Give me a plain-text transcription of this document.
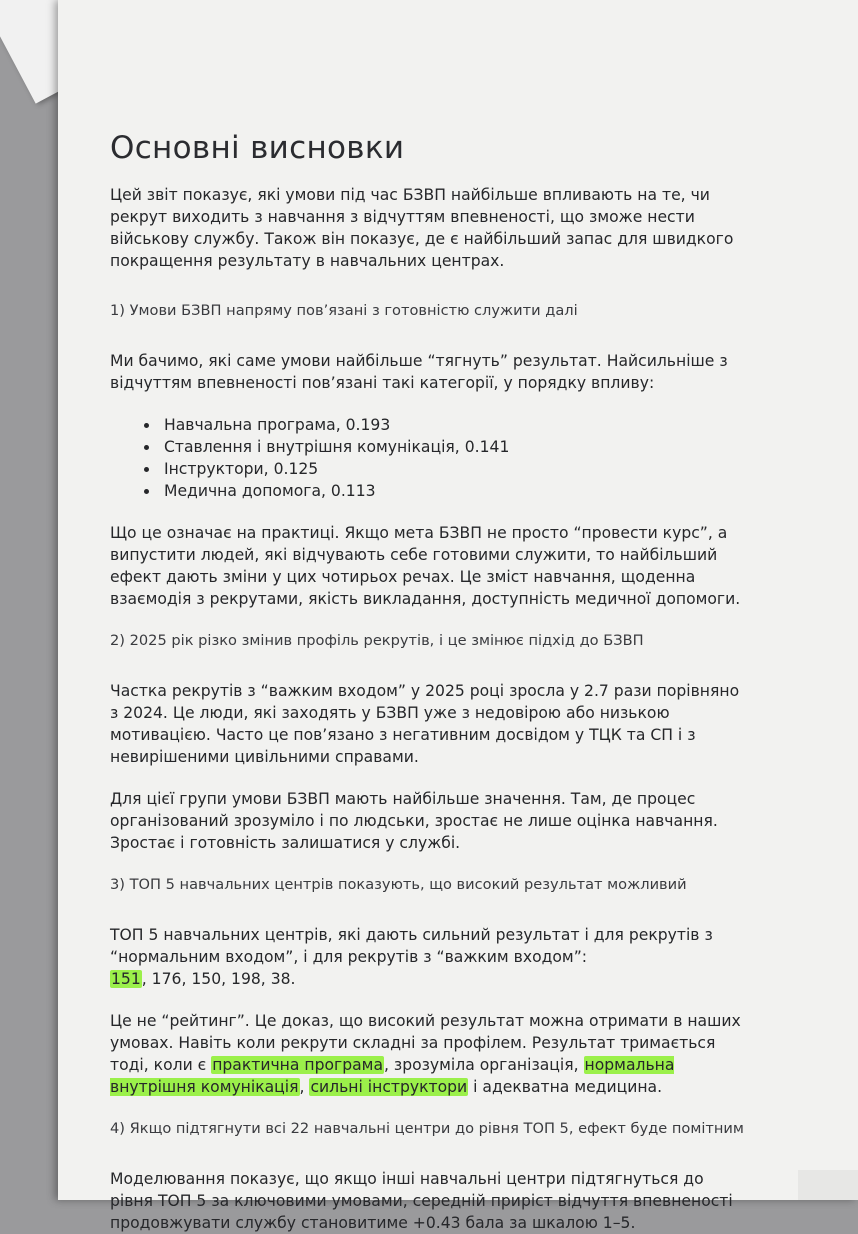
Основні висновки

Цей звіт показує, які умови під час БЗВП найбільше впливають на те, чи рекрут виходить з навчання з відчуттям впевненості, що зможе нести військову службу. Також він показує, де є найбільший запас для швидкого покращення результату в навчальних центрах.

1) Умови БЗВП напряму пов’язані з готовністю служити далі

Ми бачимо, які саме умови найбільше “тягнуть” результат. Найсильніше з відчуттям впевненості пов’язані такі категорії, у порядку впливу:

• Навчальна програма, 0.193
• Ставлення і внутрішня комунікація, 0.141
• Інструктори, 0.125
• Медична допомога, 0.113

Що це означає на практиці. Якщо мета БЗВП не просто “провести курс”, а випустити людей, які відчувають себе готовими служити, то найбільший ефект дають зміни у цих чотирьох речах. Це зміст навчання, щоденна взаємодія з рекрутами, якість викладання, доступність медичної допомоги.

2) 2025 рік різко змінив профіль рекрутів, і це змінює підхід до БЗВП

Частка рекрутів з “важким входом” у 2025 році зросла у 2.7 рази порівняно з 2024. Це люди, які заходять у БЗВП уже з недовірою або низькою мотивацією. Часто це пов’язано з негативним досвідом у ТЦК та СП і з невирішеними цивільними справами.

Для цієї групи умови БЗВП мають найбільше значення. Там, де процес організований зрозуміло і по людськи, зростає не лише оцінка навчання. Зростає і готовність залишатися у службі.

3) ТОП 5 навчальних центрів показують, що високий результат можливий

ТОП 5 навчальних центрів, які дають сильний результат і для рекрутів з “нормальним входом”, і для рекрутів з “важким входом”:
151, 176, 150, 198, 38.

Це не “рейтинг”. Це доказ, що високий результат можна отримати в наших умовах. Навіть коли рекрути складні за профілем. Результат тримається тоді, коли є практична програма, зрозуміла організація, нормальна внутрішня комунікація, сильні інструктори і адекватна медицина.

4) Якщо підтягнути всі 22 навчальні центри до рівня ТОП 5, ефект буде помітним

Моделювання показує, що якщо інші навчальні центри підтягнуться до рівня ТОП 5 за ключовими умовами, середній приріст відчуття впевненості продовжувати службу становитиме +0.43 бала за шкалою 1–5.
